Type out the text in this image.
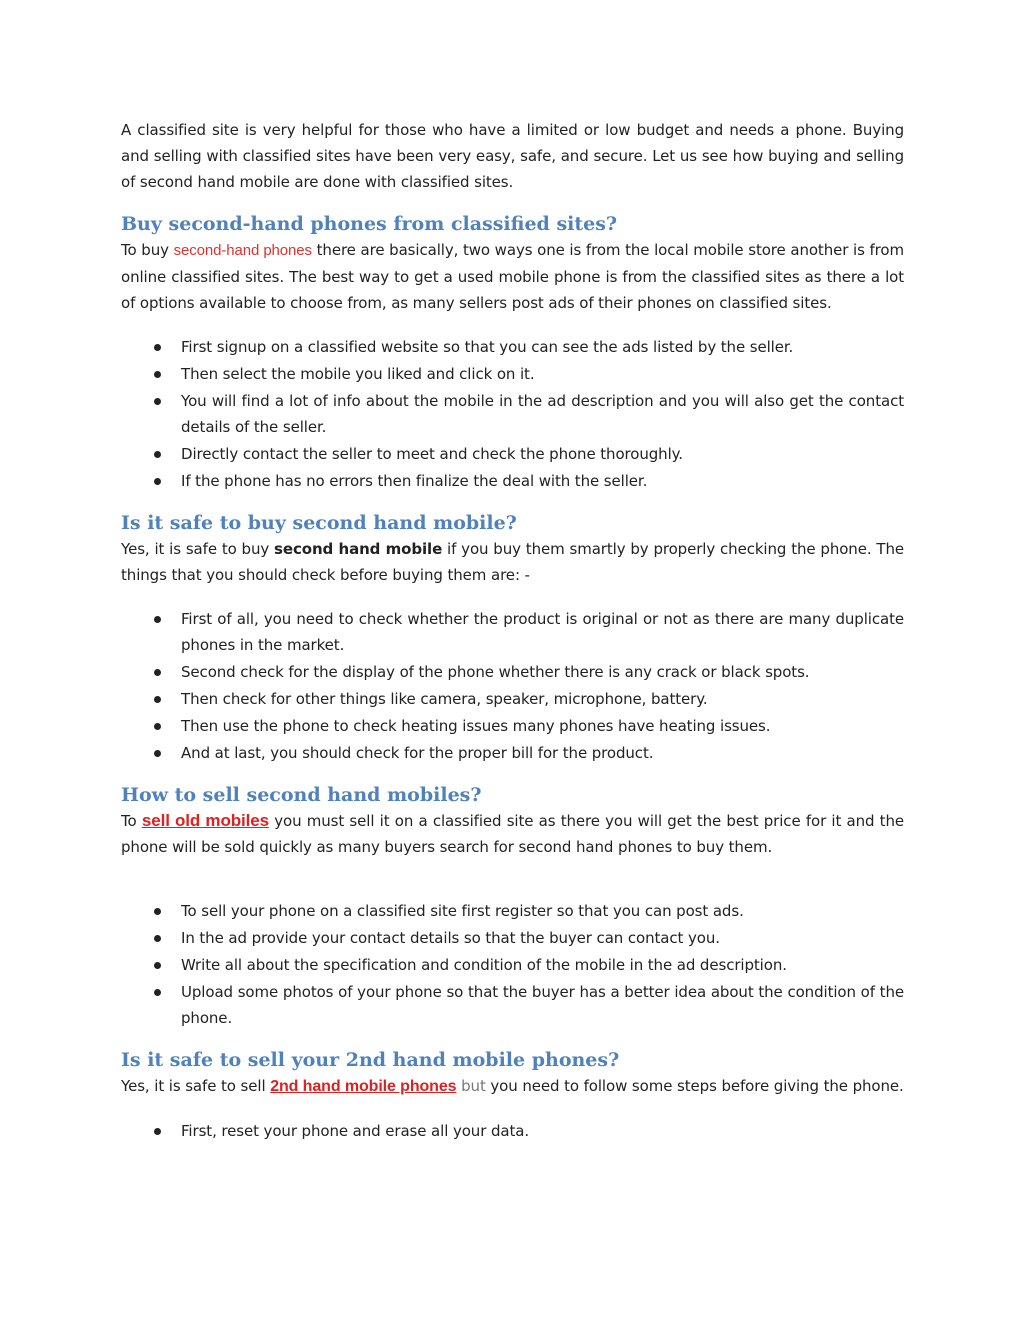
A classified site is very helpful for those who have a limited or low budget and needs a phone. Buying and selling with classified sites have been very easy, safe, and secure. Let us see how buying and selling of second hand mobile are done with classified sites.

Buy second-hand phones from classified sites?

To buy second-hand phones there are basically, two ways one is from the local mobile store another is from online classified sites. The best way to get a used mobile phone is from the classified sites as there a lot of options available to choose from, as many sellers post ads of their phones on classified sites.

First signup on a classified website so that you can see the ads listed by the seller.
Then select the mobile you liked and click on it.
You will find a lot of info about the mobile in the ad description and you will also get the contact details of the seller.
Directly contact the seller to meet and check the phone thoroughly.
If the phone has no errors then finalize the deal with the seller.
Is it safe to buy second hand mobile?

Yes, it is safe to buy second hand mobile if you buy them smartly by properly checking the phone. The things that you should check before buying them are: -

First of all, you need to check whether the product is original or not as there are many duplicate phones in the market.
Second check for the display of the phone whether there is any crack or black spots.
Then check for other things like camera, speaker, microphone, battery.
Then use the phone to check heating issues many phones have heating issues.
And at last, you should check for the proper bill for the product.
How to sell second hand mobiles?

To sell old mobiles you must sell it on a classified site as there you will get the best price for it and the phone will be sold quickly as many buyers search for second hand phones to buy them.

To sell your phone on a classified site first register so that you can post ads.
In the ad provide your contact details so that the buyer can contact you.
Write all about the specification and condition of the mobile in the ad description.
Upload some photos of your phone so that the buyer has a better idea about the condition of the phone.
Is it safe to sell your 2nd hand mobile phones?

Yes, it is safe to sell 2nd hand mobile phones but you need to follow some steps before giving the phone.

First, reset your phone and erase all your data.
